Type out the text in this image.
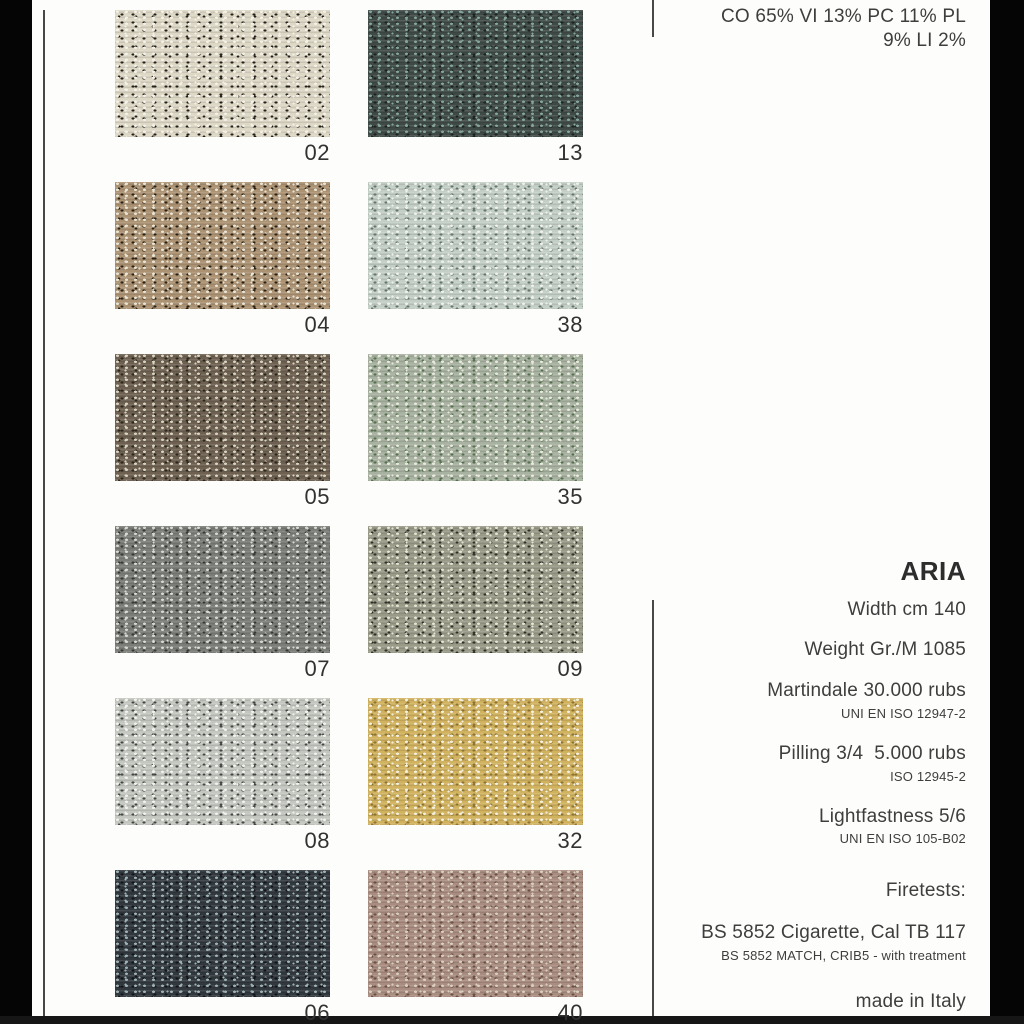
CO 65% VI 13% PC 11% PL
9% LI 2%
02	13
04	38
05	35
07	09
08	32
06	40
ARIA
Width cm 140
Weight Gr./M 1085
Martindale 30.000 rubs
UNI EN ISO 12947-2
Pilling 3/4  5.000 rubs
ISO 12945-2
Lightfastness 5/6
UNI EN ISO 105-B02
Firetests:
BS 5852 Cigarette, Cal TB 117
BS 5852 MATCH, CRIB5 - with treatment
made in Italy
